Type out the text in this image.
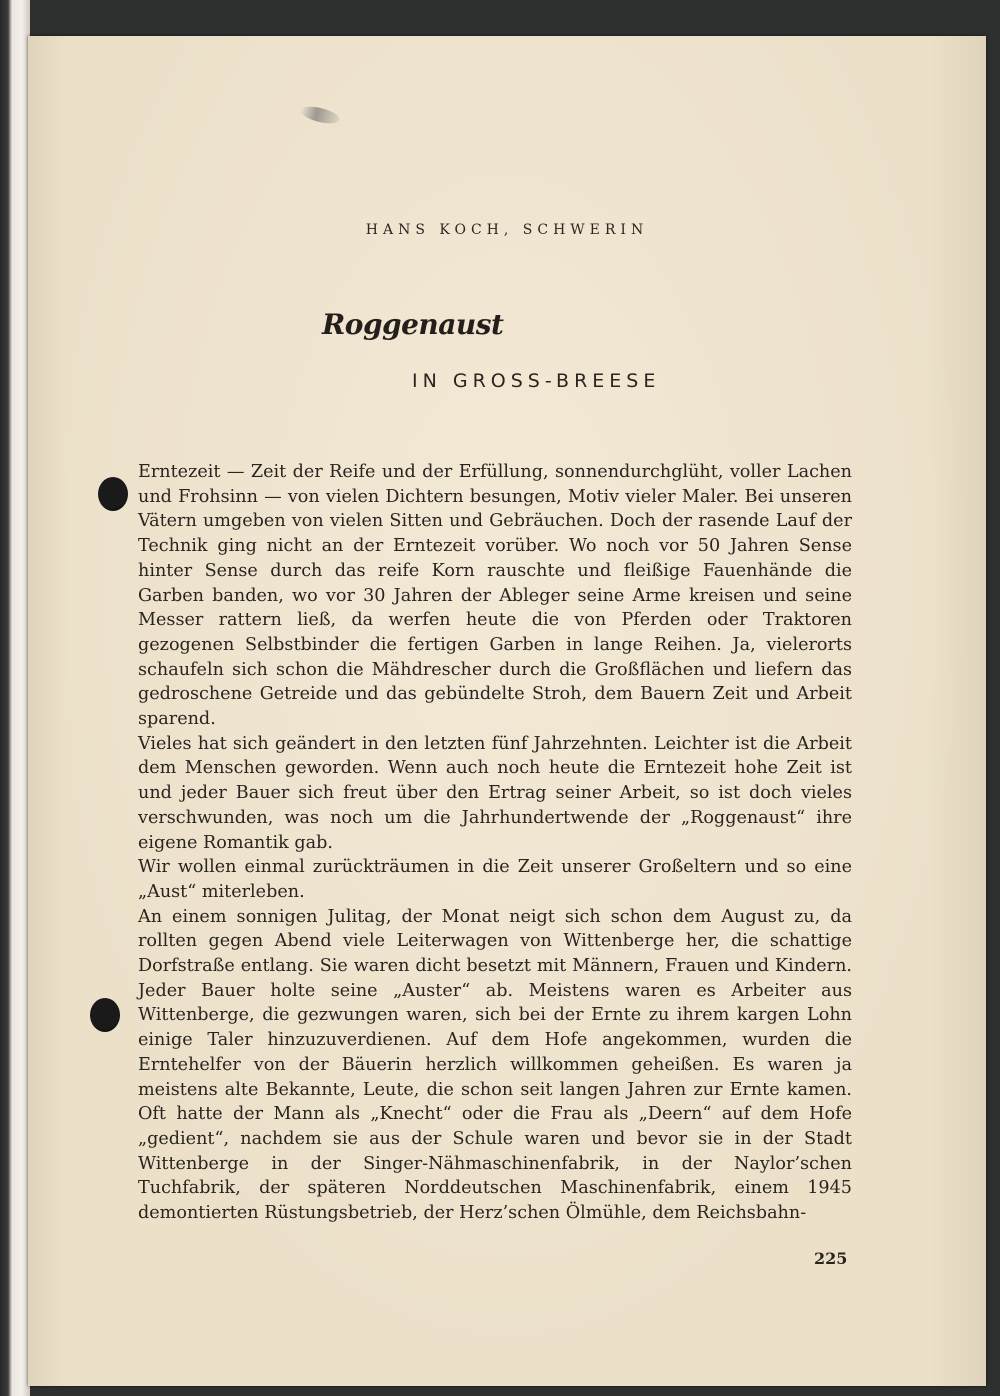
HANS KOCH, SCHWERIN
Roggenaust
IN GROSS-BREESE

Erntezeit — Zeit der Reife und der Erfüllung, sonnendurchglüht, voller Lachen und Frohsinn — von vielen Dichtern besungen, Motiv vieler Maler. Bei unseren Vätern umgeben von vielen Sitten und Gebräuchen. Doch der rasende Lauf der Technik ging nicht an der Erntezeit vorüber. Wo noch vor 50 Jahren Sense hinter Sense durch das reife Korn rauschte und fleißige Fauenhände die Garben banden, wo vor 30 Jahren der Ableger seine Arme kreisen und seine Messer rattern ließ, da werfen heute die von Pferden oder Traktoren gezogenen Selbstbinder die fertigen Garben in lange Reihen. Ja, vielerorts schaufeln sich schon die Mähdrescher durch die Großflächen und liefern das gedroschene Getreide und das gebündelte Stroh, dem Bauern Zeit und Arbeit sparend.

Vieles hat sich geändert in den letzten fünf Jahrzehnten. Leichter ist die Arbeit dem Menschen geworden. Wenn auch noch heute die Erntezeit hohe Zeit ist und jeder Bauer sich freut über den Ertrag seiner Arbeit, so ist doch vieles verschwunden, was noch um die Jahrhundertwende der „Roggenaust“ ihre eigene Romantik gab.

Wir wollen einmal zurückträumen in die Zeit unserer Großeltern und so eine „Aust“ miterleben.

An einem sonnigen Julitag, der Monat neigt sich schon dem August zu, da rollten gegen Abend viele Leiterwagen von Wittenberge her, die schattige Dorfstraße entlang. Sie waren dicht besetzt mit Männern, Frauen und Kindern. Jeder Bauer holte seine „Auster“ ab. Meistens waren es Arbeiter aus Wittenberge, die gezwungen waren, sich bei der Ernte zu ihrem kargen Lohn einige Taler hinzuzuverdienen. Auf dem Hofe angekommen, wurden die Erntehelfer von der Bäuerin herzlich willkommen geheißen. Es waren ja meistens alte Bekannte, Leute, die schon seit langen Jahren zur Ernte kamen. Oft hatte der Mann als „Knecht“ oder die Frau als „Deern“ auf dem Hofe „gedient“, nachdem sie aus der Schule waren und bevor sie in der Stadt Wittenberge in der Singer-Nähmaschinenfabrik, in der Naylor’schen Tuchfabrik, der späteren Norddeutschen Maschinenfabrik, einem 1945 demontierten Rüstungsbetrieb, der Herz’schen Ölmühle, dem Reichsbahn-

225
